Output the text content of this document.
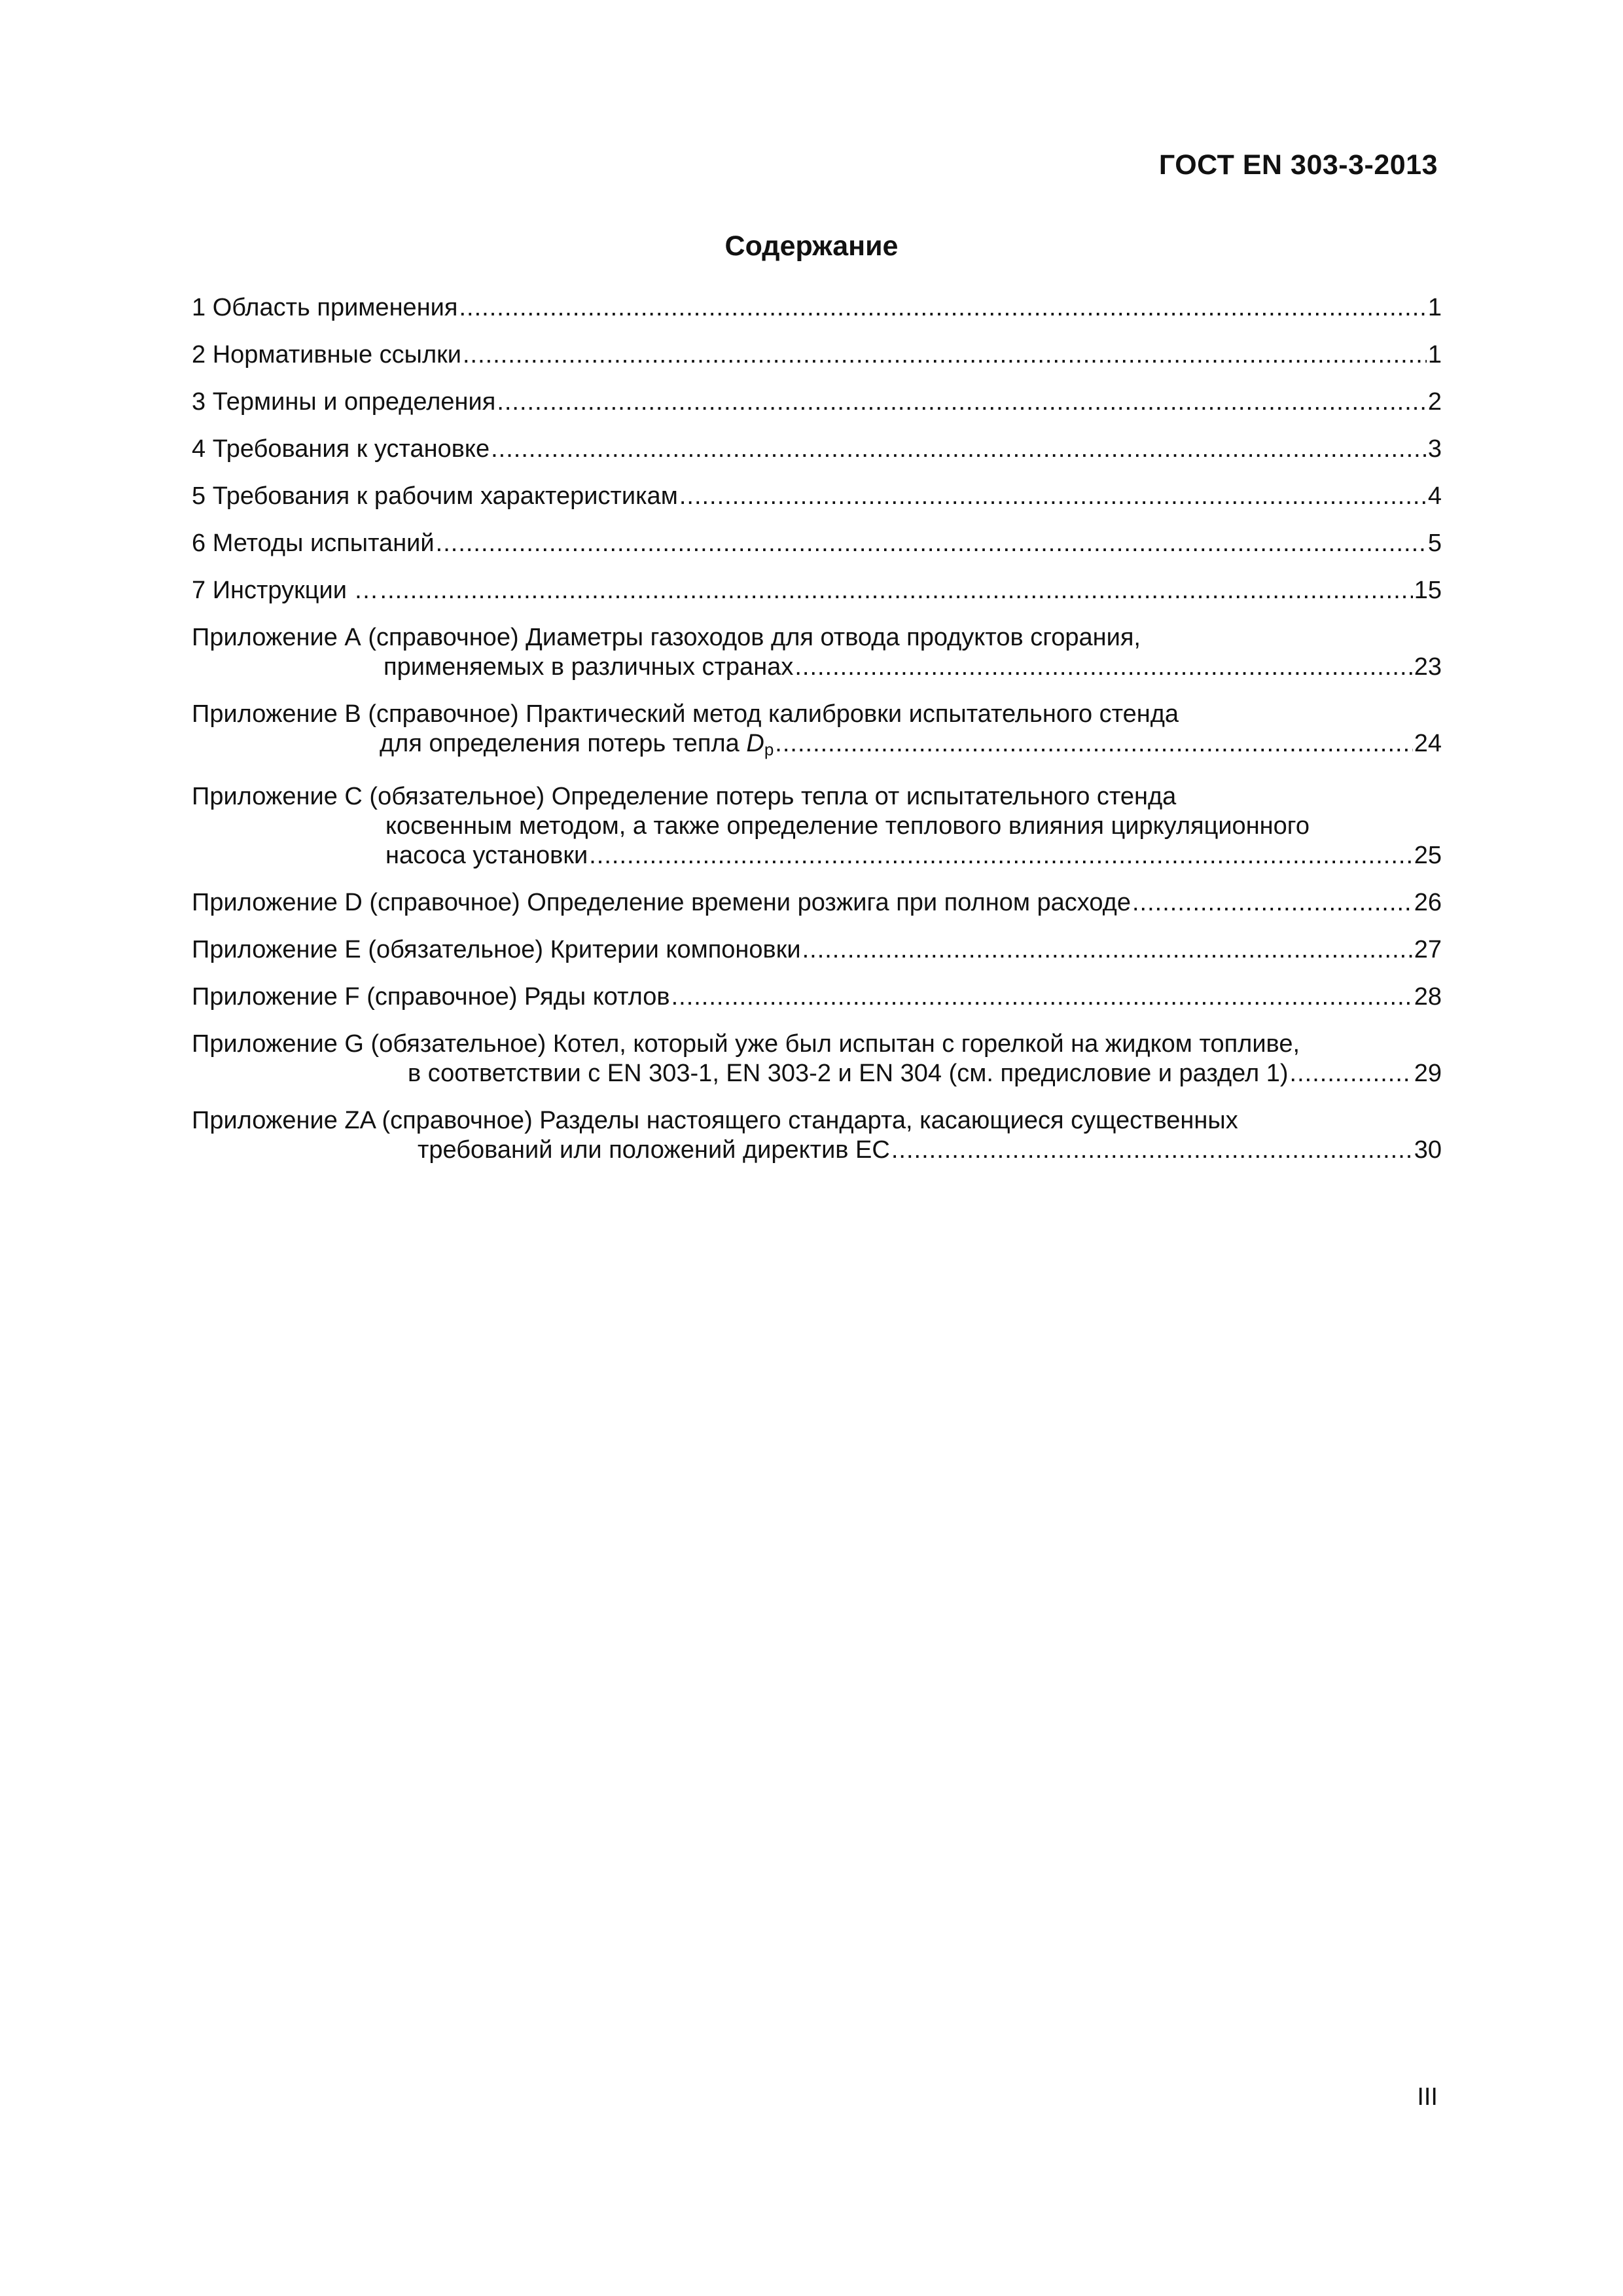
ГОСТ EN 303-3-2013
Содержание
1 Область применения .....	1
2 Нормативные ссылки .....	1
3 Термины и определения .....	2
4 Требования к установке .....	3
5 Требования к рабочим характеристикам .....	4
6 Методы испытаний .....	5
7 Инструкции … .....	15
Приложение А (справочное) Диаметры газоходов для отвода продуктов сгорания,
применяемых в различных странах .....	23
Приложение В (справочное) Практический метод калибровки испытательного стенда
для определения потерь тепла Dp .....	24
Приложение С (обязательное) Определение потерь тепла от испытательного стенда
косвенным методом, а также определение теплового влияния циркуляционного
насоса установки .....	25
Приложение D (справочное) Определение времени розжига при полном расходе .....	26
Приложение Е (обязательное) Критерии компоновки .....	27
Приложение F (справочное) Ряды котлов .....	28
Приложение G (обязательное) Котел, который уже был испытан с горелкой на жидком топливе,
в соответствии с EN 303-1, EN 303-2 и EN 304 (см. предисловие и раздел 1) .....	29
Приложение ZA (справочное) Разделы настоящего стандарта, касающиеся существенных
требований или положений директив ЕС .....	30
III
